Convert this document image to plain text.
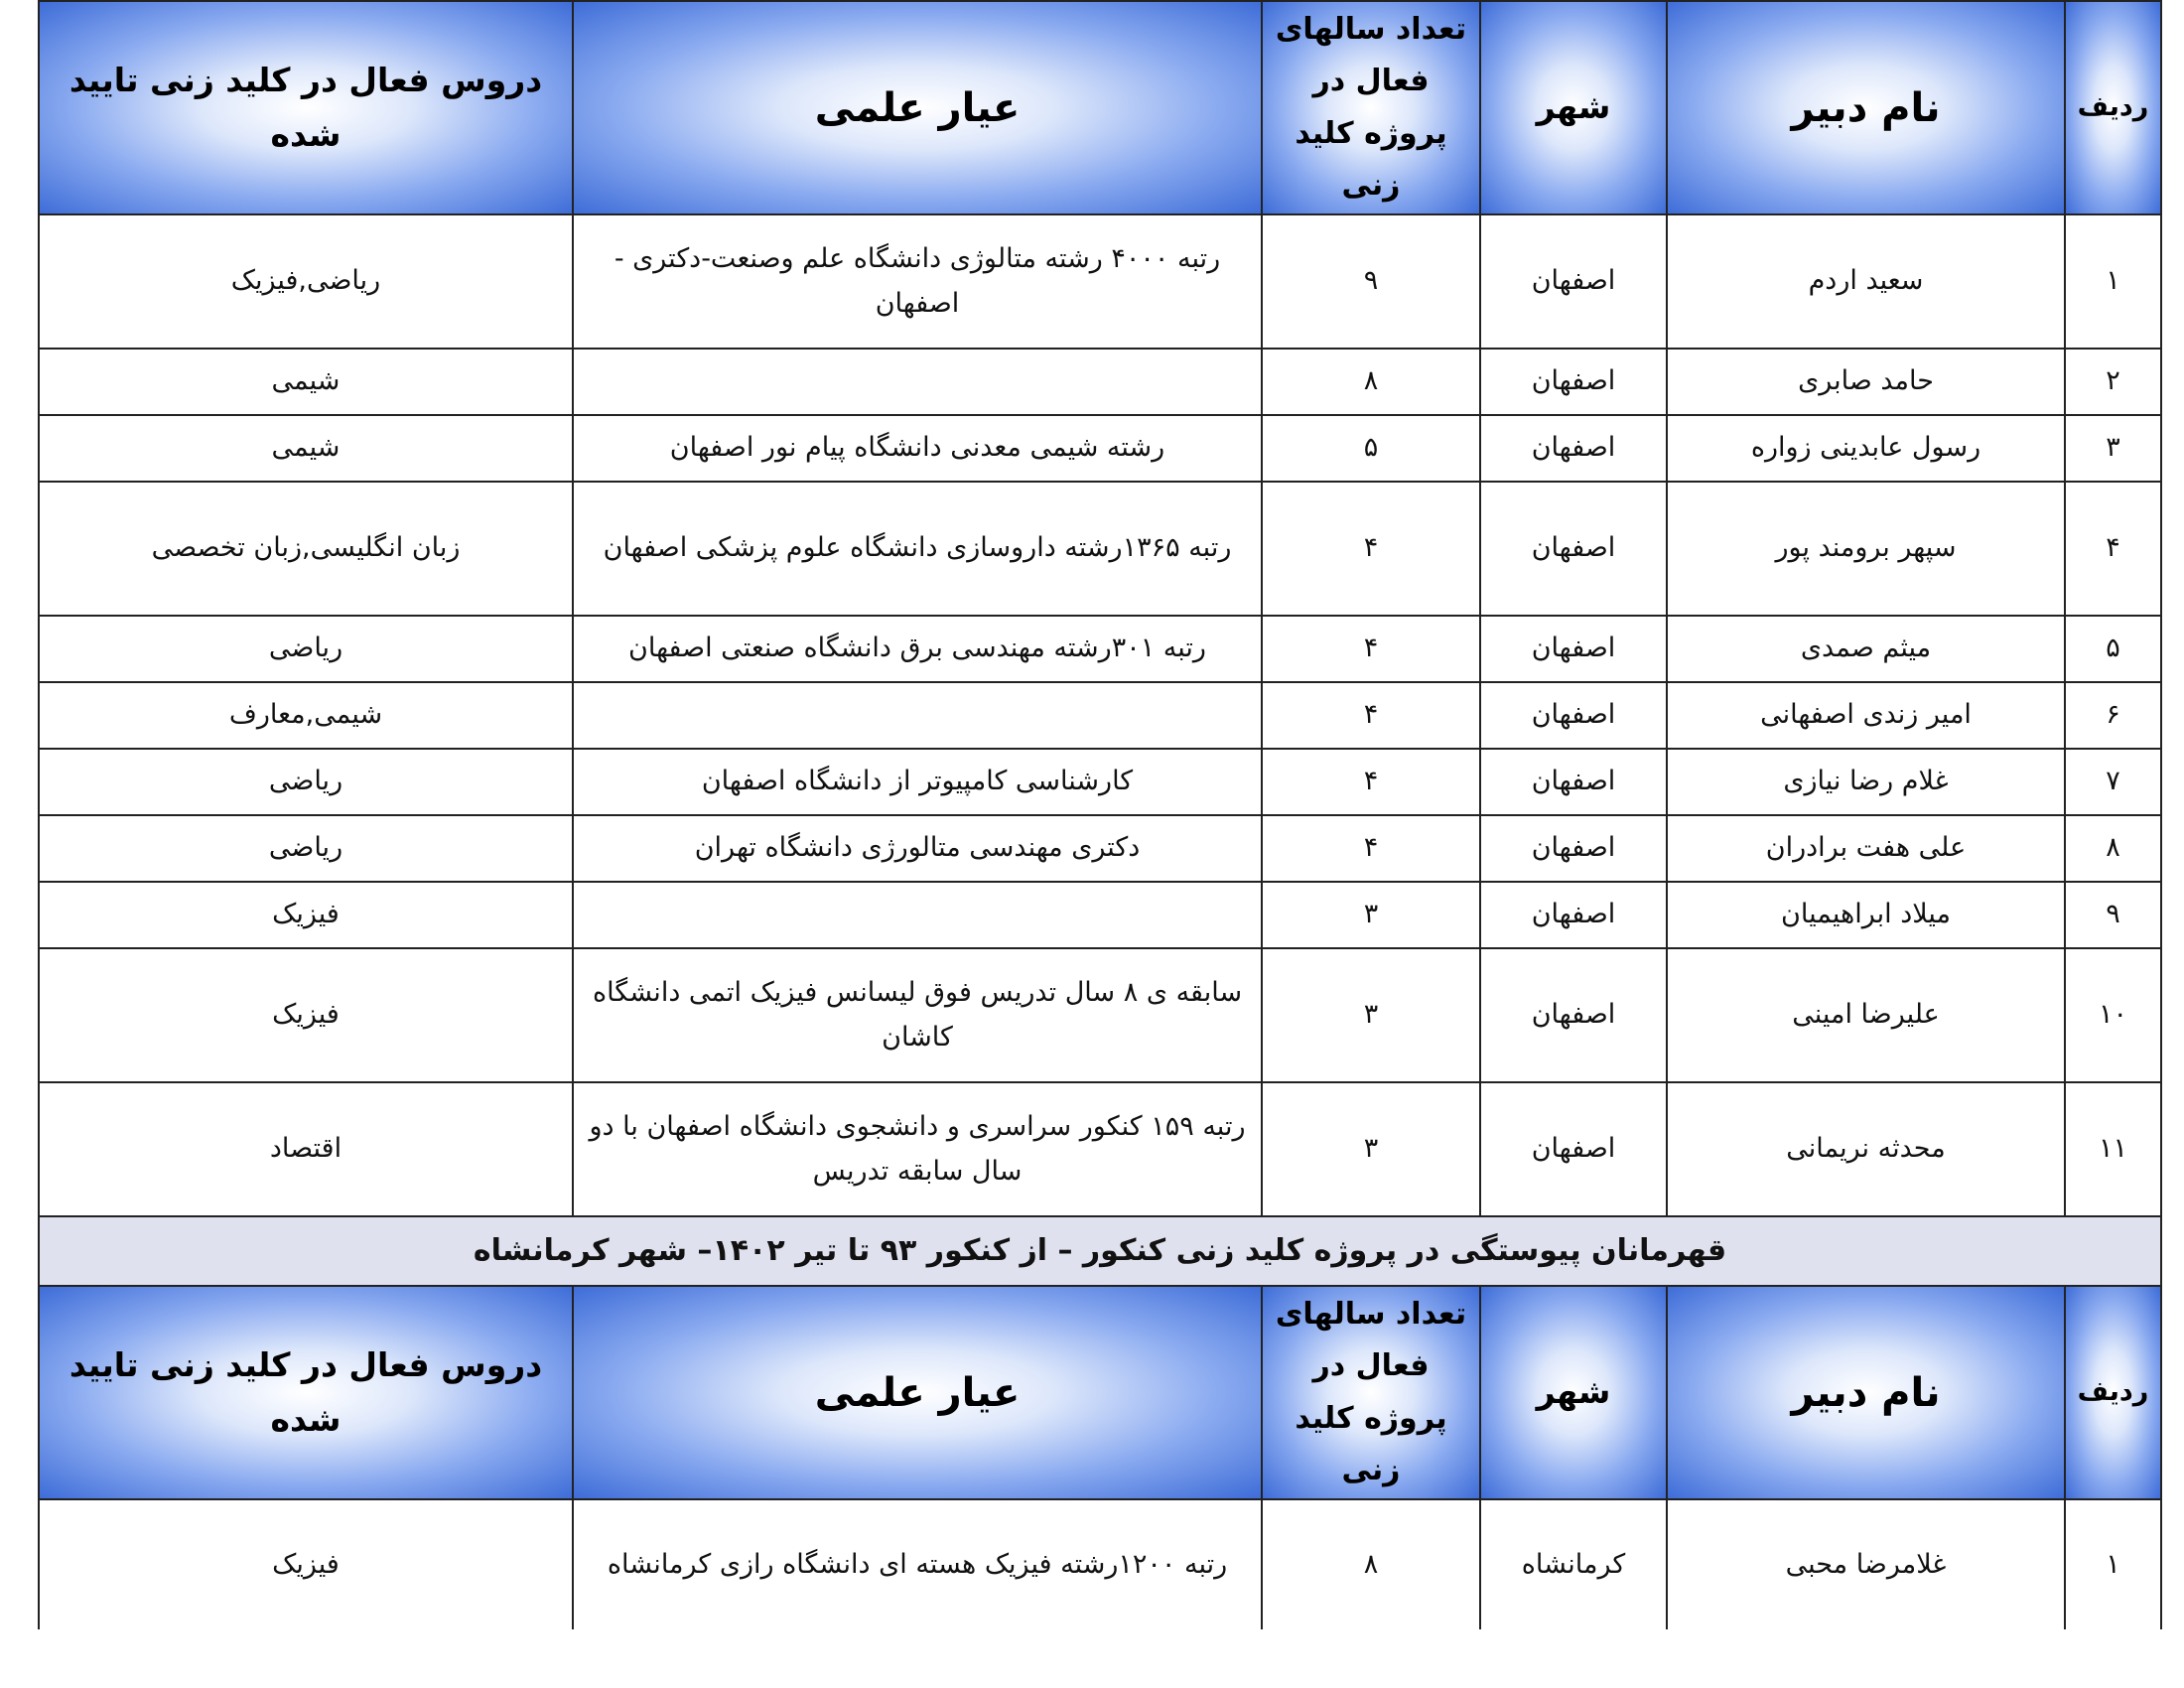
ردیف	نام دبیر	شهر	تعداد سالهای فعال در پروژه کلید زنی	عیار علمی	دروس فعال در کلید زنی تایید شده
۱	سعید اردم	اصفهان	۹	رتبه ۴۰۰۰ رشته متالوژی دانشگاه علم وصنعت-دکتری - اصفهان	ریاضی,فیزیک
۲	حامد صابری	اصفهان	۸		شیمی
۳	رسول عابدینی زواره	اصفهان	۵	رشته شیمی معدنی دانشگاه پیام نور اصفهان	شیمی
۴	سپهر برومند پور	اصفهان	۴	رتبه ۱۳۶۵رشته داروسازی دانشگاه علوم پزشکی اصفهان	زبان انگلیسی,زبان تخصصی
۵	میثم صمدی	اصفهان	۴	رتبه ۳۰۱رشته مهندسی برق دانشگاه صنعتی اصفهان	ریاضی
۶	امیر زندی اصفهانی	اصفهان	۴		شیمی,معارف
۷	غلام رضا نیازی	اصفهان	۴	کارشناسی کامپیوتر از دانشگاه اصفهان	ریاضی
۸	علی هفت برادران	اصفهان	۴	دکتری مهندسی متالورژی دانشگاه تهران	ریاضی
۹	میلاد ابراهیمیان	اصفهان	۳		فیزیک
۱۰	علیرضا امینی	اصفهان	۳	سابقه ی ۸ سال تدریس فوق لیسانس فیزیک اتمی دانشگاه کاشان	فیزیک
۱۱	محدثه نریمانی	اصفهان	۳	رتبه ۱۵۹ کنکور سراسری و دانشجوی دانشگاه اصفهان با دو سال سابقه تدریس	اقتصاد
قهرمانان پیوستگی در پروژه کلید زنی کنکور – از کنکور ۹۳ تا تیر ۱۴۰۲– شهر کرمانشاه					
ردیف	نام دبیر	شهر	تعداد سالهای فعال در پروژه کلید زنی	عیار علمی	دروس فعال در کلید زنی تایید شده
۱	غلامرضا محبی	کرمانشاه	۸	رتبه ۱۲۰۰رشته فیزیک هسته ای دانشگاه رازی کرمانشاه	فیزیک
